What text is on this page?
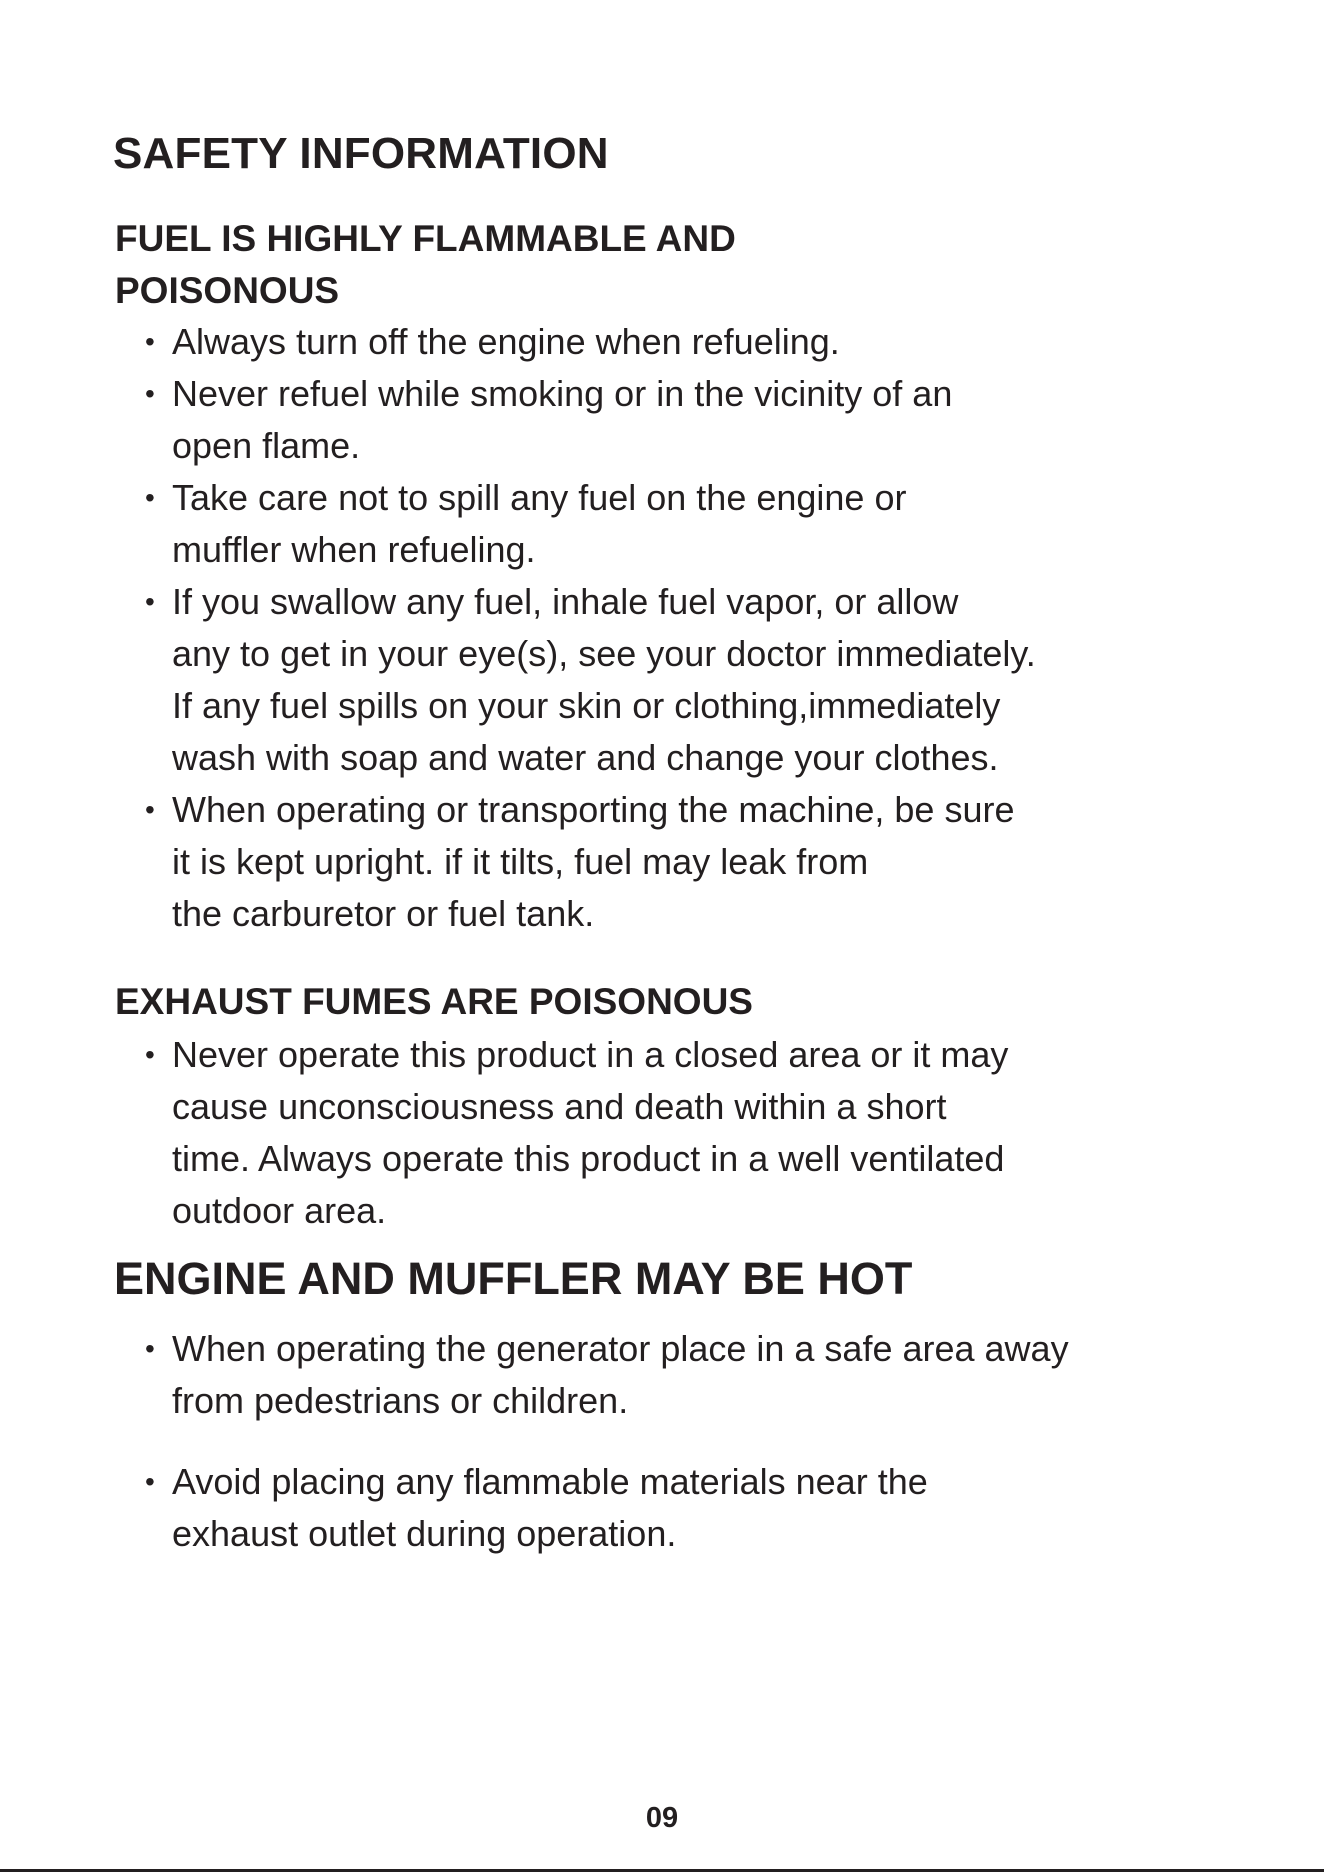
SAFETY INFORMATION
FUEL IS HIGHLY FLAMMABLE AND
POISONOUS
• Always turn off the engine when refueling.
• Never refuel while smoking or in the vicinity of an
open flame.
• Take care not to spill any fuel on the engine or
muffler when refueling.
• If you swallow any fuel, inhale fuel vapor, or allow
any to get in your eye(s), see your doctor immediately.
If any fuel spills on your skin or clothing,immediately
wash with soap and water and change your clothes.
• When operating or transporting the machine, be sure
it is kept upright. if it tilts, fuel may leak from
the carburetor or fuel tank.
EXHAUST FUMES ARE POISONOUS
• Never operate this product in a closed area or it may
cause unconsciousness and death within a short
time. Always operate this product in a well ventilated
outdoor area.
ENGINE AND MUFFLER MAY BE HOT
• When operating the generator place in a safe area away
from pedestrians or children.
• Avoid placing any flammable materials near the
exhaust outlet during operation.
09
